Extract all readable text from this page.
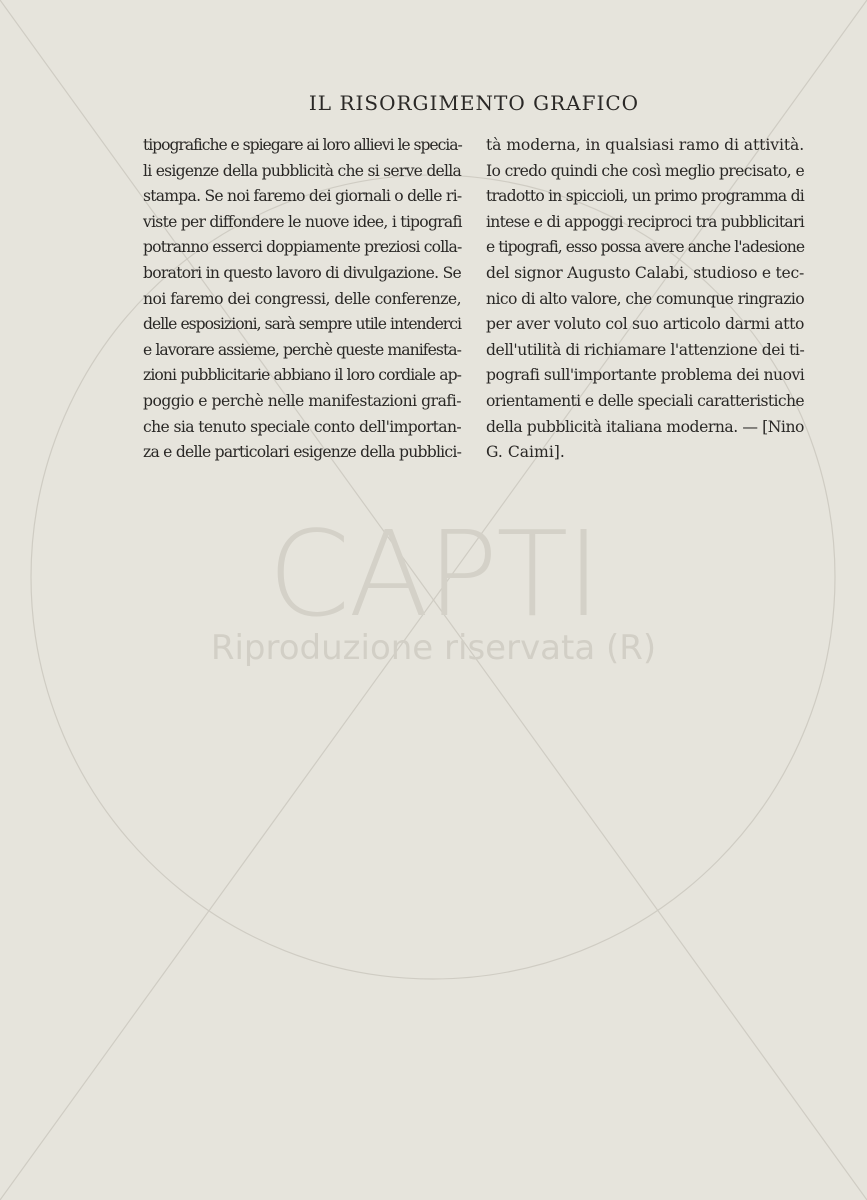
CAPTI
Riproduzione riservata (R)
IL RISORGIMENTO GRAFICO
tipografiche e spiegare ai loro allievi le specia-
li esigenze della pubblicità che si serve della
stampa. Se noi faremo dei giornali o delle ri-
viste per diffondere le nuove idee, i tipografi
potranno esserci doppiamente preziosi colla-
boratori in questo lavoro di divulgazione. Se
noi faremo dei congressi, delle conferenze,
delle esposizioni, sarà sempre utile intenderci
e lavorare assieme, perchè queste manifesta-
zioni pubblicitarie abbiano il loro cordiale ap-
poggio e perchè nelle manifestazioni grafi-
che sia tenuto speciale conto dell'importan-
za e delle particolari esigenze della pubblici-
tà moderna, in qualsiasi ramo di attività.
Io credo quindi che così meglio precisato, e
tradotto in spiccioli, un primo programma di
intese e di appoggi reciproci tra pubblicitari
e tipografi, esso possa avere anche l'adesione
del signor Augusto Calabi, studioso e tec-
nico di alto valore, che comunque ringrazio
per aver voluto col suo articolo darmi atto
dell'utilità di richiamare l'attenzione dei ti-
pografi sull'importante problema dei nuovi
orientamenti e delle speciali caratteristiche
della pubblicità italiana moderna. — [Nino
G. Caimi].
